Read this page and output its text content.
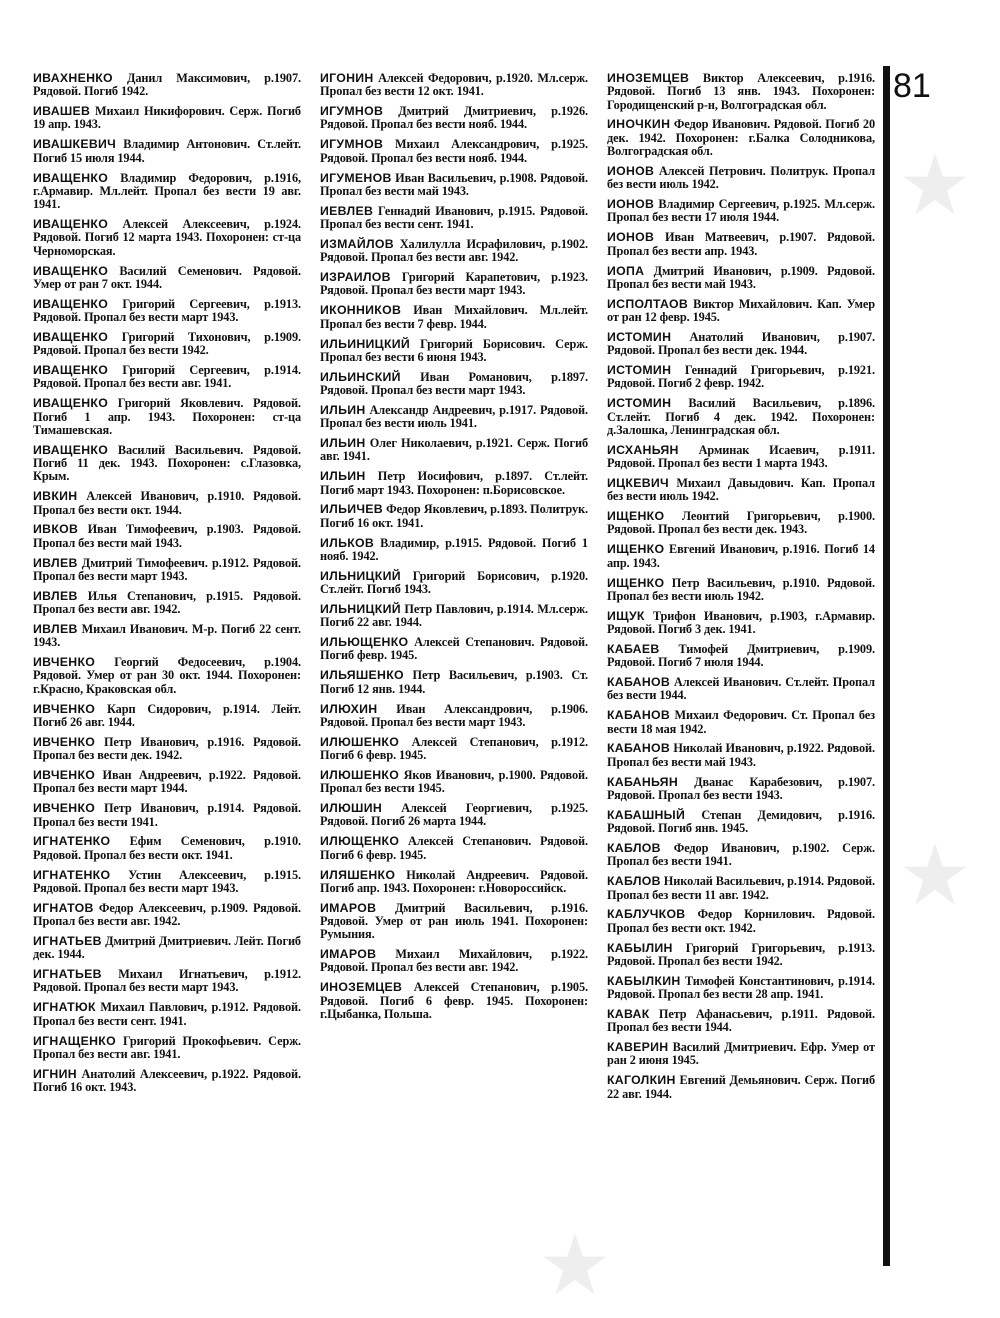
81

ИВАХНЕНКО Данил Максимович, р.1907. Рядовой. Погиб 1942.

ИВАШЕВ Михаил Никифорович. Серж. Погиб 19 апр. 1943.

ИВАШКЕВИЧ Владимир Антонович. Ст.лейт. Погиб 15 июля 1944.

ИВАЩЕНКО Владимир Федорович, р.1916, г.Армавир. Мл.лейт. Пропал без вести 19 авг. 1941.

ИВАЩЕНКО Алексей Алексеевич, р.1924. Рядовой. Погиб 12 марта 1943. Похоронен: ст-ца Черноморская.

ИВАЩЕНКО Василий Семенович. Рядовой. Умер от ран 7 окт. 1944.

ИВАЩЕНКО Григорий Сергеевич, р.1913. Рядовой. Пропал без вести март 1943.

ИВАЩЕНКО Григорий Тихонович, р.1909. Рядовой. Пропал без вести 1942.

ИВАЩЕНКО Григорий Сергеевич, р.1914. Рядовой. Пропал без вести авг. 1941.

ИВАЩЕНКО Григорий Яковлевич. Рядовой. Погиб 1 апр. 1943. Похоронен: ст-ца Тимашевская.

ИВАЩЕНКО Василий Васильевич. Рядовой. Погиб 11 дек. 1943. Похоронен: с.Глазовка, Крым.

ИВКИН Алексей Иванович, р.1910. Рядовой. Пропал без вести окт. 1944.

ИВКОВ Иван Тимофеевич, р.1903. Рядовой. Пропал без вести май 1943.

ИВЛЕВ Дмитрий Тимофеевич. р.1912. Рядовой. Пропал без вести март 1943.

ИВЛЕВ Илья Степанович, р.1915. Рядовой. Пропал без вести авг. 1942.

ИВЛЕВ Михаил Иванович. М-р. Погиб 22 сент. 1943.

ИВЧЕНКО Георгий Федосеевич, р.1904. Рядовой. Умер от ран 30 окт. 1944. Похоронен: г.Красно, Краковская обл.

ИВЧЕНКО Карп Сидорович, р.1914. Лейт. Погиб 26 авг. 1944.

ИВЧЕНКО Петр Иванович, р.1916. Рядовой. Пропал без вести дек. 1942.

ИВЧЕНКО Иван Андреевич, р.1922. Рядовой. Пропал без вести март 1944.

ИВЧЕНКО Петр Иванович, р.1914. Рядовой. Пропал без вести 1941.

ИГНАТЕНКО Ефим Семенович, р.1910. Рядовой. Пропал без вести окт. 1941.

ИГНАТЕНКО Устин Алексеевич, р.1915. Рядовой. Пропал без вести март 1943.

ИГНАТОВ Федор Алексеевич, р.1909. Рядовой. Пропал без вести авг. 1942.

ИГНАТЬЕВ Дмитрий Дмитриевич. Лейт. Погиб дек. 1944.

ИГНАТЬЕВ Михаил Игнатьевич, р.1912. Рядовой. Пропал без вести март 1943.

ИГНАТЮК Михаил Павлович, р.1912. Рядовой. Пропал без вести сент. 1941.

ИГНАЩЕНКО Григорий Прокофьевич. Серж. Пропал без вести авг. 1941.

ИГНИН Анатолий Алексеевич, р.1922. Рядовой. Погиб 16 окт. 1943.

ИГОНИН Алексей Федорович, р.1920. Мл.серж. Пропал без вести 12 окт. 1941.

ИГУМНОВ Дмитрий Дмитриевич, р.1926. Рядовой. Пропал без вести нояб. 1944.

ИГУМНОВ Михаил Александрович, р.1925. Рядовой. Пропал без вести нояб. 1944.

ИГУМЕНОВ Иван Васильевич, р.1908. Рядовой. Пропал без вести май 1943.

ИЕВЛЕВ Геннадий Иванович, р.1915. Рядовой. Пропал без вести сент. 1941.

ИЗМАЙЛОВ Халилулла Исрафилович, р.1902. Рядовой. Пропал без вести авг. 1942.

ИЗРАИЛОВ Григорий Карапетович, р.1923. Рядовой. Пропал без вести март 1943.

ИКОННИКОВ Иван Михайлович. Мл.лейт. Пропал без вести 7 февр. 1944.

ИЛЬИНИЦКИЙ Григорий Борисович. Серж. Пропал без вести 6 июня 1943.

ИЛЬИНСКИЙ Иван Романович, р.1897. Рядовой. Пропал без вести март 1943.

ИЛЬИН Александр Андреевич, р.1917. Рядовой. Пропал без вести июль 1941.

ИЛЬИН Олег Николаевич, р.1921. Серж. Погиб авг. 1941.

ИЛЬИН Петр Иосифович, р.1897. Ст.лейт. Погиб март 1943. Похоронен: п.Борисовское.

ИЛЬИЧЕВ Федор Яковлевич, р.1893. Политрук. Погиб 16 окт. 1941.

ИЛЬКОВ Владимир, р.1915. Рядовой. Погиб 1 нояб. 1942.

ИЛЬНИЦКИЙ Григорий Борисович, р.1920. Ст.лейт. Погиб 1943.

ИЛЬНИЦКИЙ Петр Павлович, р.1914. Мл.серж. Погиб 22 авг. 1944.

ИЛЬЮЩЕНКО Алексей Степанович. Рядовой. Погиб февр. 1945.

ИЛЬЯШЕНКО Петр Васильевич, р.1903. Ст. Погиб 12 янв. 1944.

ИЛЮХИН Иван Александрович, р.1906. Рядовой. Пропал без вести март 1943.

ИЛЮШЕНКО Алексей Степанович, р.1912. Погиб 6 февр. 1945.

ИЛЮШЕНКО Яков Иванович, р.1900. Рядовой. Пропал без вести 1945.

ИЛЮШИН Алексей Георгиевич, р.1925. Рядовой. Погиб 26 марта 1944.

ИЛЮЩЕНКО Алексей Степанович. Рядовой. Погиб 6 февр. 1945.

ИЛЯШЕНКО Николай Андреевич. Рядовой. Погиб апр. 1943. Похоронен: г.Новороссийск.

ИМАРОВ Дмитрий Васильевич, р.1916. Рядовой. Умер от ран июль 1941. Похоронен: Румыния.

ИМАРОВ Михаил Михайлович, р.1922. Рядовой. Пропал без вести авг. 1942.

ИНОЗЕМЦЕВ Алексей Степанович, р.1905. Рядовой. Погиб 6 февр. 1945. Похоронен: г.Цыбанка, Польша.

ИНОЗЕМЦЕВ Виктор Алексеевич, р.1916. Рядовой. Погиб 13 янв. 1943. Похоронен: Городищенский р-н, Волгоградская обл.

ИНОЧКИН Федор Иванович. Рядовой. Погиб 20 дек. 1942. Похоронен: г.Балка Солодникова, Волгоградская обл.

ИОНОВ Алексей Петрович. Политрук. Пропал без вести июль 1942.

ИОНОВ Владимир Сергеевич, р.1925. Мл.серж. Пропал без вести 17 июля 1944.

ИОНОВ Иван Матвеевич, р.1907. Рядовой. Пропал без вести апр. 1943.

ИОПА Дмитрий Иванович, р.1909. Рядовой. Пропал без вести май 1943.

ИСПОЛТАОВ Виктор Михайлович. Кап. Умер от ран 12 февр. 1945.

ИСТОМИН Анатолий Иванович, р.1907. Рядовой. Пропал без вести дек. 1944.

ИСТОМИН Геннадий Григорьевич, р.1921. Рядовой. Погиб 2 февр. 1942.

ИСТОМИН Василий Васильевич, р.1896. Ст.лейт. Погиб 4 дек. 1942. Похоронен: д.Залошка, Ленинградская обл.

ИСХАНЬЯН Арминак Исаевич, р.1911. Рядовой. Пропал без вести 1 марта 1943.

ИЦКЕВИЧ Михаил Давыдович. Кап. Пропал без вести июль 1942.

ИЩЕНКО Леонтий Григорьевич, р.1900. Рядовой. Пропал без вести дек. 1943.

ИЩЕНКО Евгений Иванович, р.1916. Погиб 14 апр. 1943.

ИЩЕНКО Петр Васильевич, р.1910. Рядовой. Пропал без вести июль 1942.

ИЩУК Трифон Иванович, р.1903, г.Армавир. Рядовой. Погиб 3 дек. 1941.

КАБАЕВ Тимофей Дмитриевич, р.1909. Рядовой. Погиб 7 июля 1944.

КАБАНОВ Алексей Иванович. Ст.лейт. Пропал без вести 1944.

КАБАНОВ Михаил Федорович. Ст. Пропал без вести 18 мая 1942.

КАБАНОВ Николай Иванович, р.1922. Рядовой. Пропал без вести май 1943.

КАБАНЬЯН Дванас Карабезович, р.1907. Рядовой. Пропал без вести 1943.

КАБАШНЫЙ Степан Демидович, р.1916. Рядовой. Погиб янв. 1945.

КАБЛОВ Федор Иванович, р.1902. Серж. Пропал без вести 1941.

КАБЛОВ Николай Васильевич, р.1914. Рядовой. Пропал без вести 11 авг. 1942.

КАБЛУЧКОВ Федор Корнилович. Рядовой. Пропал без вести окт. 1942.

КАБЫЛИН Григорий Григорьевич, р.1913. Рядовой. Пропал без вести 1942.

КАБЫЛКИН Тимофей Константинович, р.1914. Рядовой. Пропал без вести 28 апр. 1941.

КАВАК Петр Афанасьевич, р.1911. Рядовой. Пропал без вести 1944.

КАВЕРИН Василий Дмитриевич. Ефр. Умер от ран 2 июня 1945.

КАГОЛКИН Евгений Демьянович. Серж. Погиб 22 авг. 1944.
